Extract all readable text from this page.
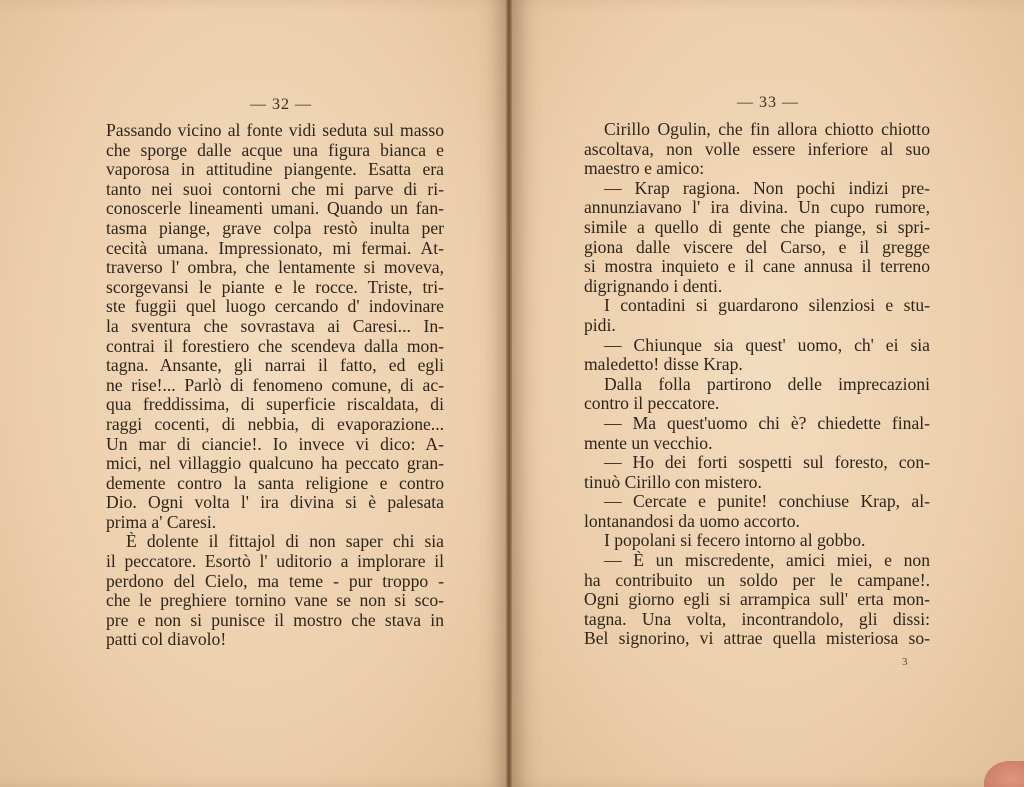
— 32 —
Passando vicino al fonte vidi seduta sul masso
che sporge dalle acque una figura bianca e
vaporosa in attitudine piangente. Esatta era
tanto nei suoi contorni che mi parve di ri-
conoscerle lineamenti umani. Quando un fan-
tasma piange, grave colpa restò inulta per
cecità umana. Impressionato, mi fermai. At-
traverso l' ombra, che lentamente si moveva,
scorgevansi le piante e le rocce. Triste, tri-
ste fuggii quel luogo cercando d' indovinare
la sventura che sovrastava ai Caresi... In-
contrai il forestiero che scendeva dalla mon-
tagna. Ansante, gli narrai il fatto, ed egli
ne rise!... Parlò di fenomeno comune, di ac-
qua freddissima, di superficie riscaldata, di
raggi cocenti, di nebbia, di evaporazione...
Un mar di ciancie!. Io invece vi dico: A-
mici, nel villaggio qualcuno ha peccato gran-
demente contro la santa religione e contro
Dio. Ogni volta l' ira divina si è palesata
prima a' Caresi.
È dolente il fittajol di non saper chi sia
il peccatore. Esortò l' uditorio a implorare il
perdono del Cielo, ma teme - pur troppo -
che le preghiere tornino vane se non si sco-
pre e non si punisce il mostro che stava in
patti col diavolo!
— 33 —
Cirillo Ogulin, che fin allora chiotto chiotto
ascoltava, non volle essere inferiore al suo
maestro e amico:
— Krap ragiona. Non pochi indizi pre-
annunziavano l' ira divina. Un cupo rumore,
simile a quello di gente che piange, si spri-
giona dalle viscere del Carso, e il gregge
si mostra inquieto e il cane annusa il terreno
digrignando i denti.
I contadini si guardarono silenziosi e stu-
pidi.
— Chiunque sia quest' uomo, ch' ei sia
maledetto! disse Krap.
Dalla folla partirono delle imprecazioni
contro il peccatore.
— Ma quest'uomo chi è? chiedette final-
mente un vecchio.
— Ho dei forti sospetti sul foresto, con-
tinuò Cirillo con mistero.
— Cercate e punite! conchiuse Krap, al-
lontanandosi da uomo accorto.
I popolani si fecero intorno al gobbo.
— È un miscredente, amici miei, e non
ha contribuito un soldo per le campane!.
Ogni giorno egli si arrampica sull' erta mon-
tagna. Una volta, incontrandolo, gli dissi:
Bel signorino, vi attrae quella misteriosa so-
3
